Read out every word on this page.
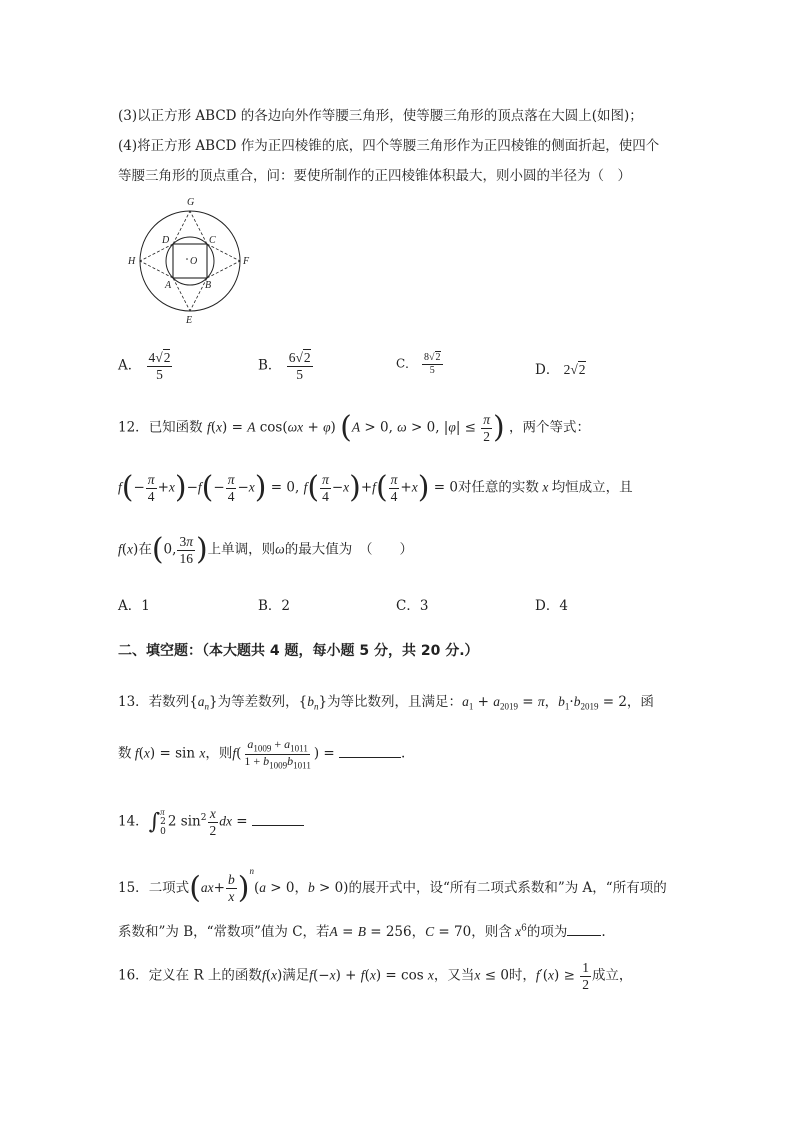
(3)以正方形 ABCD 的各边向外作等腰三角形，使等腰三角形的顶点落在大圆上(如图)；
(4)将正方形 ABCD 作为正四棱锥的底，四个等腰三角形作为正四棱锥的侧面折起，使四个
等腰三角形的顶点重合，问：要使所制作的正四棱锥体积最大，则小圆的半径为（　）
G
H	F
E
D	C
A	B
O
A． $\frac{4√2}{5}$	B． $\frac{6√2}{5}$	C． $\frac{8√2}{5}$	D． 2√2
12．已知函数 f(x) = A cos(ωx + φ) (A > 0, ω > 0, $|\varphi| \le \frac{\pi}{2}$ ) ，两个等式：
$f(- \frac{\pi}{4} +x)-f(- \frac{\pi}{4} -x) = 0$, $f( \frac{\pi}{4} -x)+f( \frac{\pi}{4} +x) = 0$对任意的实数 x 均恒成立，且
f(x)在(0, $\frac{3\pi}{16}$ )上单调，则ω的最大值为　（　　）
A．1	B．2	C．3	D．4
二、填空题：（本大题共 4 题，每小题 5 分，共 20 分.）
13．若数列$\{a_n\}$为等差数列，$\{b_n\}$为等比数列，且满足：$a_1 + a_{2019} = \pi$，$b_1\cdot b_{2019} = 2$，函
数 f(x) = sin x，则$f( \frac{a_{1009} + a_{1011}}{1 + b_{1009}b_{1011}}$ ) =	.
14．∫ π
2
0
2 $\sin^2 \frac{x}{2}$ dx =
15．二项式$(ax+ \frac{b}{x} )^n(a > 0$，b > 0)的展开式中，设“所有二项式系数和”为 A，“所有项的
系数和”为 B，“常数项”值为 C，若A = B = 256，C = 70，则含 $x^6$的项为	.
16．定义在 R 上的函数f(x)满足f(−x) + f(x) = cos x，又当x ≤ 0时，$f'(x) \ge \frac{1}{2}$ 成立，
